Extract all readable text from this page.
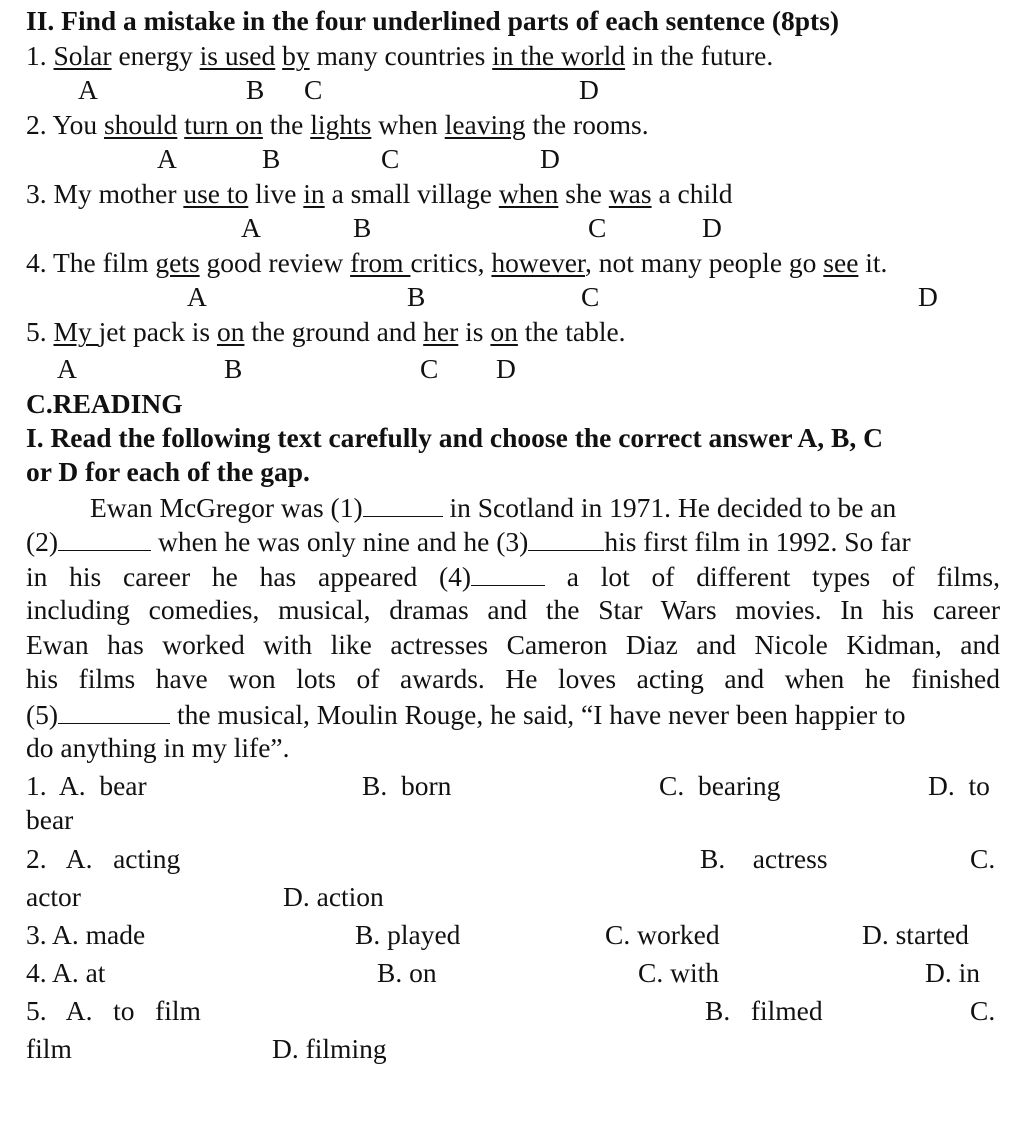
II. Find a mistake in the four underlined parts of each sentence (8pts)
1. Solar energy is used by many countries in the world in the future.
A	B C	D
2. You should turn on the lights when leaving the rooms.
A	B	C	D
3. My mother use to live in a small village when she was a child
A	B	C	D
4. The film gets good review from critics, however, not many people go see it.
A	B	C	D
5. My jet pack is on the ground and her is on the table.
A	B	C D
C.READING
I. Read the following text carefully and choose the correct answer A, B, C
or D for each of the gap.
Ewan McGregor was (1)	in Scotland in 1971. He decided to be an
(2)	when he was only nine and he (3)	his first film in 1992. So far
in his career he has appeared (4)	a lot of different types of films,
including comedies, musical, dramas and the Star Wars movies. In his career
Ewan has worked with like actresses Cameron Diaz and Nicole Kidman, and
his films have won lots of awards. He loves acting and when he finished
(5)	the musical, Moulin Rouge, he said, “I have never been happier to
do anything in my life”.
1.  A.  bear	B.  born	C.  bearing	D.  to
bear
2.   A.   acting	B.    actress	C.
actor	D. action
3. A. made	B. played	C. worked	D. started
4. A. at	B. on	C. with	D. in
5.   A.   to   film	B.   filmed	C.
film	D. filming
